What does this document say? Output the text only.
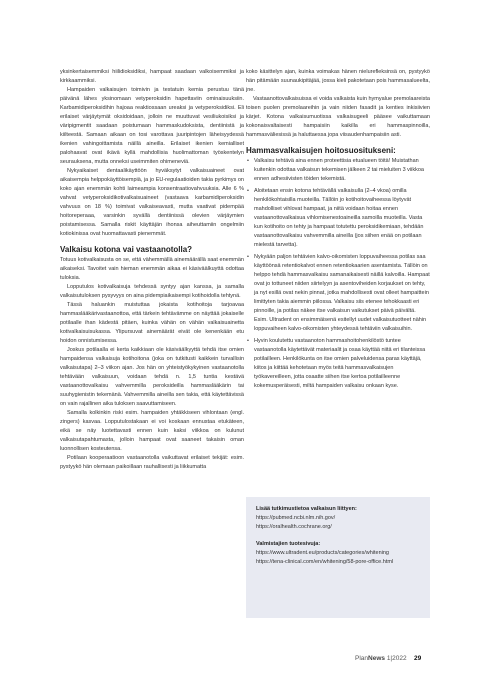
yksinkertaisemmiksi hiilidioksidiksi, hampaat saadaan valkoisemmiksi ja kirkkaammiksi.

Hampaiden valkaisujen toimivin ja testatuin kemia perustuu tänä päivänä lähes yksinomaan vetyperoksidin hapettaviin ominaisuuksiin. Karbamidiperoksidihin hajoaa reaktiossaan ureaksi ja vetyperoksidiksi. Eli erilaiset värjäytymät oksidoidaan, jolloin ne muuttuvat vesiliukoisiksi ja väripigmentit saadaan poistumaan hammaskudoksista, dentiinistä ja kiilteestä. Samaan aikaan on tosi varottava juuripintojen läheisyydessä ikenien vahingoittamista näillä aineilla. Erilaiset ikenien kemialliset palohaavat ovat ikävä kyllä mahdollisia huolimattoman työskentelyn seurauksena, mutta onneksi useimmiten ohimeneviä.

Nykyaikaiset dentaalikäyttöön hyväksytyt valkaisuaineet ovat aikaisempia helppokäyttöisempiä, ja jo EU-regulaatioiden takia pyrkimys on koko ajan enemmän kohti laimeampia konsentraatiovahvuuksia. Alle 6 % vahvat vetyperoksidikotivalkaisuaineet (vastaava karbamidiperoksidin vahvuus on 18 %) toimivat valkaiseavasti, mutta vaativat pidempää hoitoreperaaa, varsinkin syvällä dentiinissä olevien värjäymien poistamisessa. Samalla riskit käyttäjän ihonsa aiheuttamiin ongelmiin kotiokinissa ovat huomattavasti pienemmät.

Valkaisu kotona vai vastaanotolla?

Totuus kotivalkaisusta on se, että vähemmällä ainemäärällä saat enemmän aikaiseksi. Tavoitet vain hieman enemmän aikaa ei käsiväälkuyttä odottaa tuloksia.

Lopputulos kotivalkaisuja tehdessä syntyy ajan kanssa, ja samalla valkaisutuloksen pysyvyys on aina pidempiaikaisempi kotihoidolla tehtynä.

Tässä haluankin muistuttaa jokaista kotihoitoja tarjoavaa hammaslääkärivastaanottoa, että tärkein tehtävämme on näyttää jokaiselle potilaalle ihan kädestä pitäen, kuinka vähän on vähän valkaisuainetta kotivalkaisuisukassa. Ylipursuvat ainemäärät eivät ole kenenkään etu hoidon onnistumisessa.

Joskus potilaalla ei kerta kaikkiaan ole käsiväälkyyttä tehdä itse omien hampaidensa valkaisuja kotihoitona (joka on tutkitusti kaikkein turvallisin valkaisutapa) 2–3 viikon ajan. Jos hän on yhteistyökykyinen vastaanotolla tehtävään valkaisuun, voidaan tehdä n. 1,5 tuntia kestävä vastaanottovalkaisu vahvemmilla peroksideilla hammaslääkärin tai suuhygienistin tekemänä. Vahvemmilla aineilla sen takia, että käytettävissä on vain rajallinen aika tuloksen saavuttamiseen.

Samalla kolkinkin riski esim. hampaiden yhtäkkiseen vihlontaan (engl. zingers) kasvaa. Lopputulostakaan ei voi koskaan ennustaa etukäteen, eikä se näy luotettavasti ennen kuin kaksi viikkoa on kulunut valkaisutapahtumasta, jolloin hampaat ovat saaneet takaisin oman luonnollisen kosteutensa.

Potilaan kooperaatioon vastaanotolla vaikuttavat erilaiset tekijät: esim. pystyykö hän olemaan paikoillaan rauhallisesti ja liikkumatta

koko käsittelyn ajan, kuinka voimakas hänen nielurefleksinsä on, pystyykö hän pitämään suunaukipitäjää, jossa kieli pakotetaan pois hammasalueelta, jne.

Vastaanottovalkaisuissa ei voida valkaista kuin hymyalue premolaareista toisen puolen premolaareihin ja vain niiden fasadit ja kenties inkisiivien kärjet. Kotona valkaisumuotissa valkaisugeeli pääsee vaikuttamaan kokonaisvaltaisesti hampaisiin kaikilla eri hammaspinnoilla, hammasväliesissä ja haluttaessa jopa viisaudenhampaisiin asti.

Hammasvalkaisujen hoitosuositukseni:
• Valkaisu tehtävä aina ennen proteettisia etualueen töitä! Muistathan kuitenkin odottaa valkaisun tekemisen jälkeen 2 tai mieluiten 3 viikkoa ennen adhesiivisten töiden tekemistä.
• Aloitetaan ensin kotona tehtävällä valkaisulla (2–4 vkoa) omilla henkilökohtaisilla muoteilla. Tällöin jo kotihoitovaiheessa löytyvät mahdolliset vihlovat hampaat, ja niitä voidaan hoitaa ennen vastaanottovalkaisua vihlomisenestoaineilla samoilla muoteilla. Vasta kun kotihoito on tehty ja hampaat totutettu peroksidikemiaan, tehdään vastaanottovalkaisu vahvemmilla aineilla (jos siihen enää on potilaan mielestä tarvetta).
• Nykyään paljon tehtävien kalvo-oikomisten loppuvaiheessa potilas saa käyttöönsä retentiokalvot ennen retentiokaarien asentamista. Tällöin on helppo tehdä hammasvalkaisu samanaikaisesti näillä kalvoilla. Hampaat ovat jo tottuneet niiden siirtelyyn ja asentoviheiden korjaukset on tehty, ja nyt esillä ovat nekin pinnat, jotka mahdollisesti ovat olleet hampaittein limittyten takia aiemmin piilossa. Valkaisu siis etenee tehokkaasti eri pinnoille, ja potilas näkee itse valkaisun vaikutukset päivä päivältä. Esim. Ultradent on ensimmäisenä esitellyt uudet valkaisutuotteet nähin loppuvaiheen kalvo-oikomisten yhteydessä tehtäviin valkaisuihin.
• Hyvin koulutettu vastaanoton hammashoitohenkilöstö tuntee vastaanotolla käytettävät materiaalit ja osaa käyttää niitä eri tilanteissa potilailleen. Henkilökunta on itse omien palveluidensa paras käyttäjä, kiitos ja kiittää kehotetaan myös teitä hammasvalkaisujen työkavereilleen, jotta osaatte siihen itse kertoa potilailleenne kokemusperäisesti, miltä hampaiden valkaisu onkaan kyse.
Lisää tutkimustietoa valkaisun liittyen:
https://pubmed.ncbi.nlm.nih.gov/
https://oralhealth.cochrane.org/
Valmistajien tuotesivuja:
https://www.ultradent.eu/products/categories/whitening
https://tena-clinical.com/en/whitening/58-pore-office.html
PlanNews 1|2022 29
